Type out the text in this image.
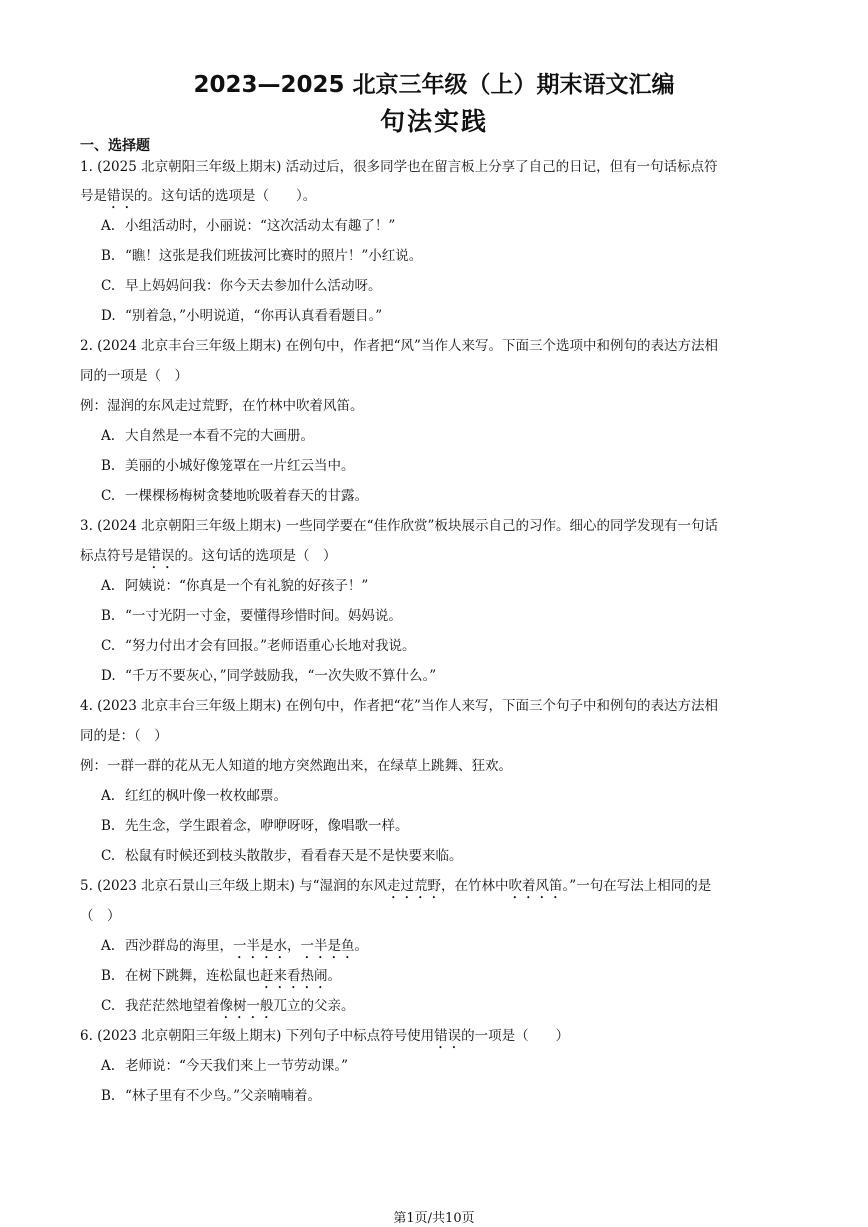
2023—2025 北京三年级（上）期末语文汇编
句法实践
一、选择题
1. (2025 北京朝阳三年级上期末) 活动过后，很多同学也在留言板上分享了自己的日记，但有一句话标点符
号是错误的。这句话的选项是（　　）。
A. 小组活动时，小丽说：“这次活动太有趣了！”
B. “瞧！这张是我们班拔河比赛时的照片！”小红说。
C. 早上妈妈问我：你今天去参加什么活动呀。
D. “别着急，”小明说道，“你再认真看看题目。”
2. (2024 北京丰台三年级上期末) 在例句中，作者把“风”当作人来写。下面三个选项中和例句的表达方法相
同的一项是（　）
例：湿润的东风走过荒野，在竹林中吹着风笛。
A. 大自然是一本看不完的大画册。
B. 美丽的小城好像笼罩在一片红云当中。
C. 一棵棵杨梅树贪婪地吮吸着春天的甘露。
3. (2024 北京朝阳三年级上期末) 一些同学要在“佳作欣赏”板块展示自己的习作。细心的同学发现有一句话
标点符号是错误的。这句话的选项是（　）
A. 阿姨说：“你真是一个有礼貌的好孩子！”
B. “一寸光阴一寸金，要懂得珍惜时间。妈妈说。
C. “努力付出才会有回报。”老师语重心长地对我说。
D. “千万不要灰心，”同学鼓励我，“一次失败不算什么。”
4. (2023 北京丰台三年级上期末) 在例句中，作者把“花”当作人来写，下面三个句子中和例句的表达方法相
同的是：（　）
例：一群一群的花从无人知道的地方突然跑出来，在绿草上跳舞、狂欢。
A. 红红的枫叶像一枚枚邮票。
B. 先生念，学生跟着念，咿咿呀呀，像唱歌一样。
C. 松鼠有时候还到枝头散散步，看看春天是不是快要来临。
5. (2023 北京石景山三年级上期末) 与“湿润的东风走过荒野，在竹林中吹着风笛。”一句在写法上相同的是
（　）
A. 西沙群岛的海里，一半是水，一半是鱼。
B. 在树下跳舞，连松鼠也赶来看热闹。
C. 我茫茫然地望着像树一般兀立的父亲。
6. (2023 北京朝阳三年级上期末) 下列句子中标点符号使用错误的一项是（　　）
A. 老师说：“今天我们来上一节劳动课。”
B. “林子里有不少鸟。”父亲喃喃着。
第1页/共10页
